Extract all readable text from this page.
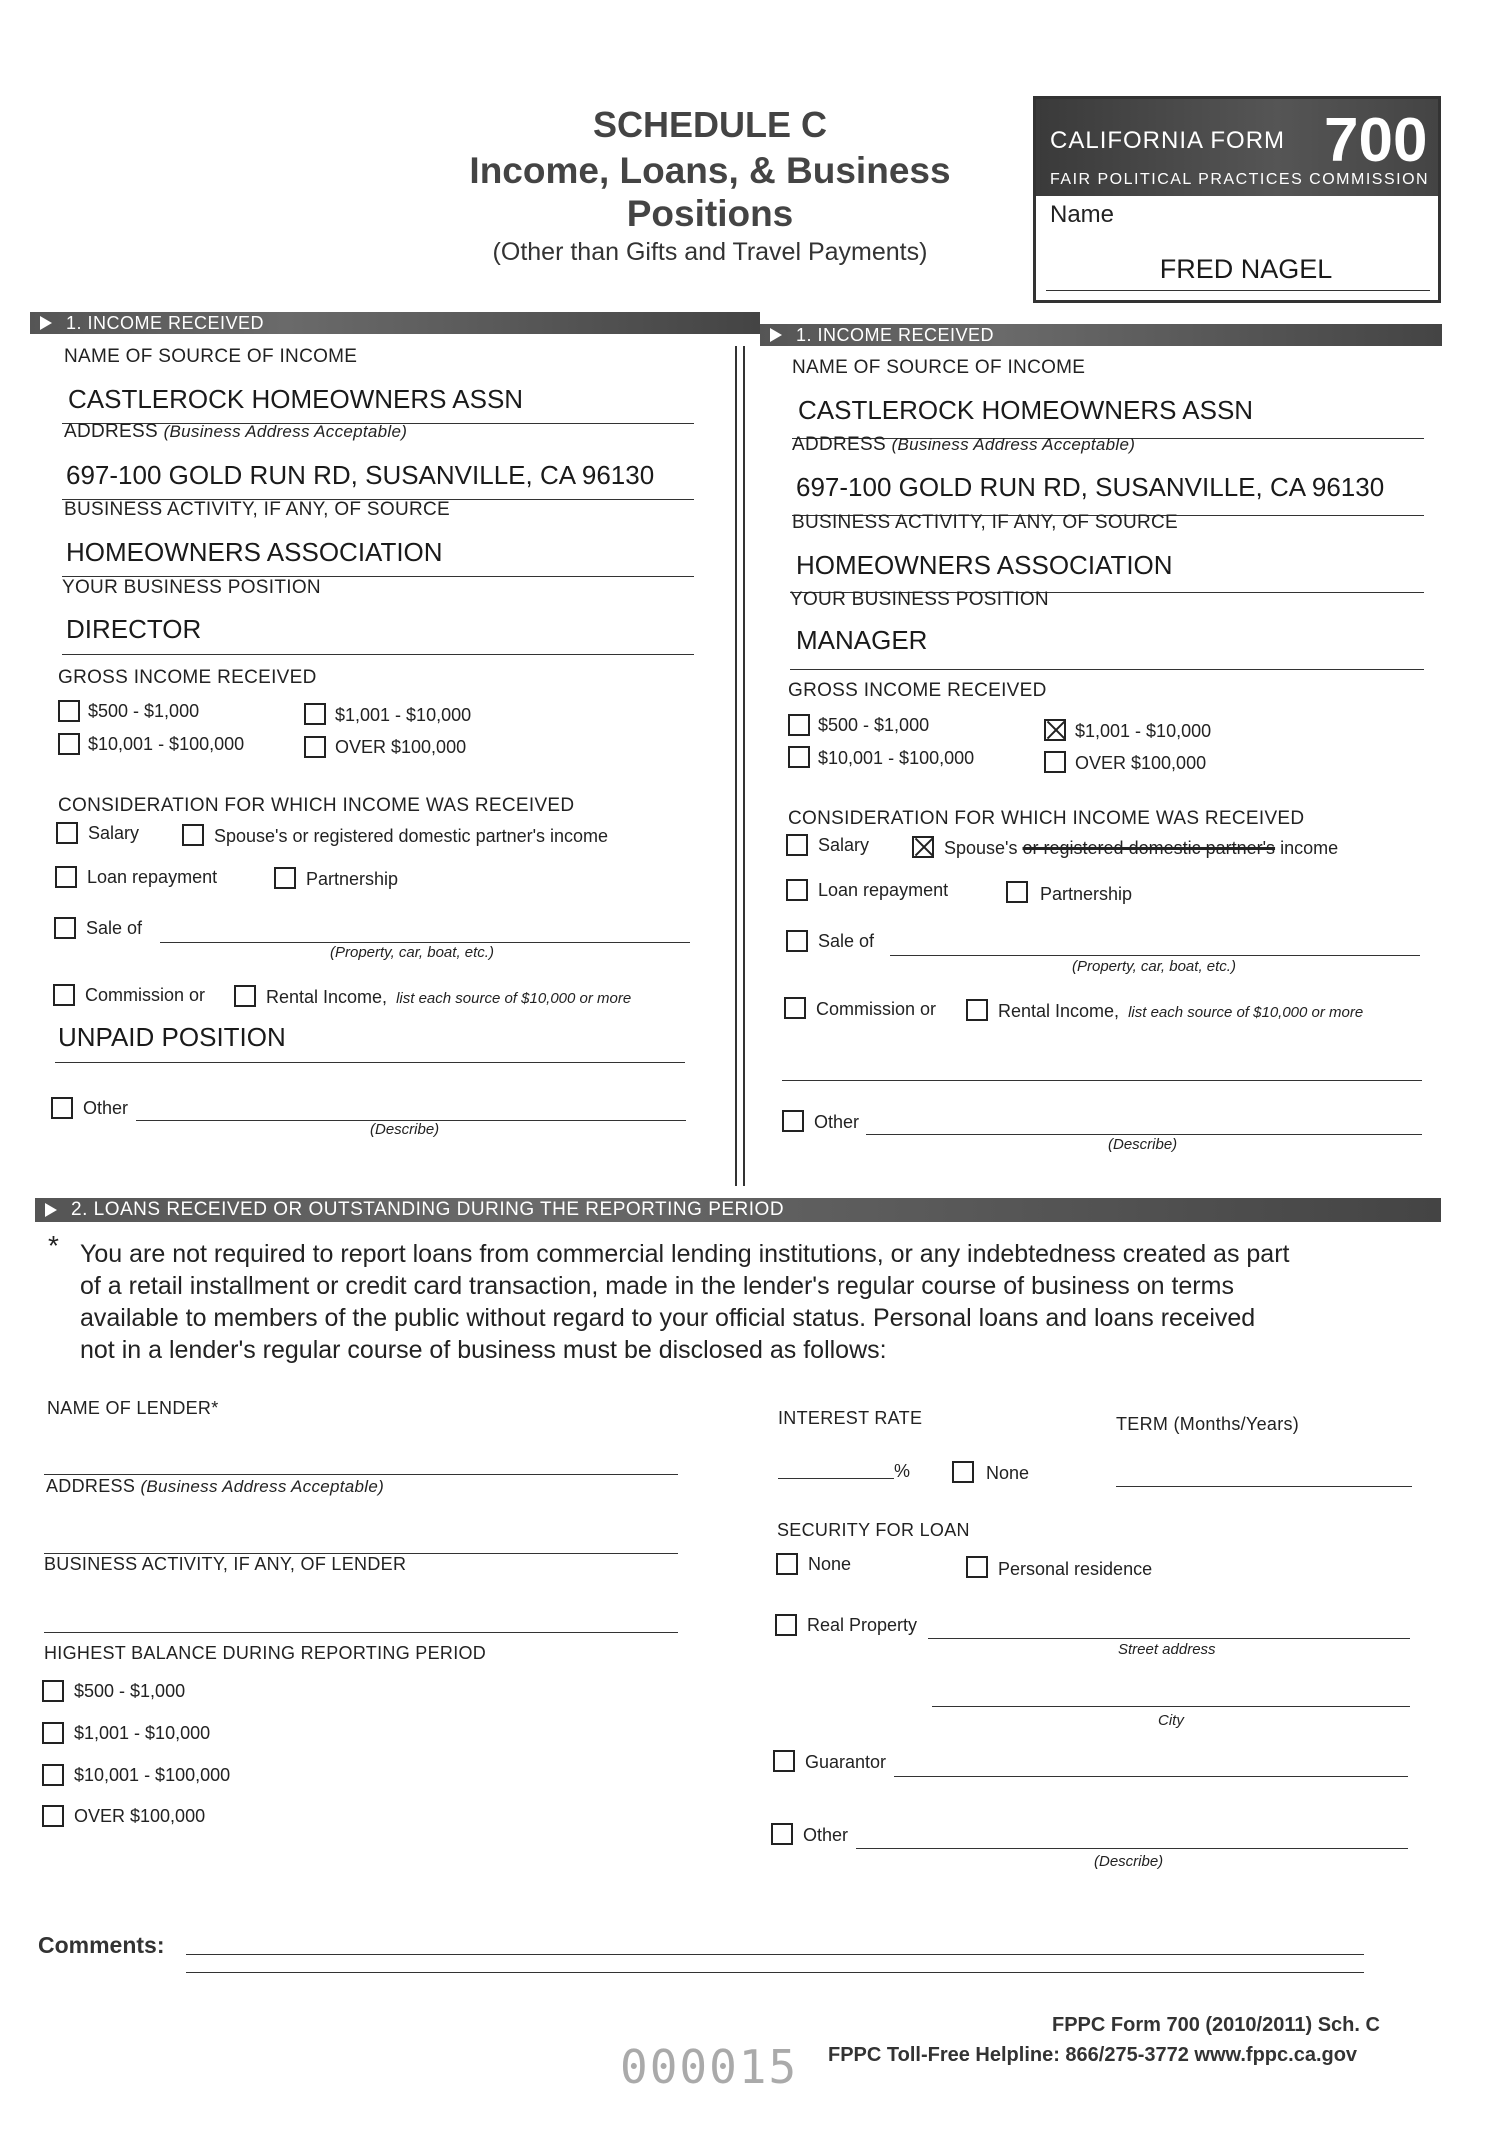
SCHEDULE C
Income, Loans, & Business
Positions
(Other than Gifts and Travel Payments)
CALIFORNIA FORM 700
FAIR POLITICAL PRACTICES COMMISSION
Name
FRED NAGEL
1. INCOME RECEIVED
1. INCOME RECEIVED
NAME OF SOURCE OF INCOME
CASTLEROCK HOMEOWNERS ASSN
ADDRESS (Business Address Acceptable)
697-100 GOLD RUN RD, SUSANVILLE, CA 96130
BUSINESS ACTIVITY, IF ANY, OF SOURCE
HOMEOWNERS ASSOCIATION
YOUR BUSINESS POSITION
DIRECTOR
GROSS INCOME RECEIVED
$500 - $1,000	$1,001 - $10,000
$10,001 - $100,000	OVER $100,000
CONSIDERATION FOR WHICH INCOME WAS RECEIVED
Salary	Spouse's or registered domestic partner's income
Loan repayment	Partnership
Sale of
(Property, car, boat, etc.)
Commission or	Rental Income, list each source of $10,000 or more
UNPAID POSITION
Other
(Describe)
NAME OF SOURCE OF INCOME
CASTLEROCK HOMEOWNERS ASSN
ADDRESS (Business Address Acceptable)
697-100 GOLD RUN RD, SUSANVILLE, CA 96130
BUSINESS ACTIVITY, IF ANY, OF SOURCE
HOMEOWNERS ASSOCIATION
YOUR BUSINESS POSITION
MANAGER
GROSS INCOME RECEIVED
$500 - $1,000	$1,001 - $10,000
$10,001 - $100,000	OVER $100,000
CONSIDERATION FOR WHICH INCOME WAS RECEIVED
Salary	Spouse's or registered domestic partner's income
Loan repayment	Partnership
Sale of
(Property, car, boat, etc.)
Commission or	Rental Income, list each source of $10,000 or more
Other
(Describe)
2. LOANS RECEIVED OR OUTSTANDING DURING THE REPORTING PERIOD
* You are not required to report loans from commercial lending institutions, or any indebtedness created as part
of a retail installment or credit card transaction, made in the lender's regular course of business on terms
available to members of the public without regard to your official status. Personal loans and loans received
not in a lender's regular course of business must be disclosed as follows:
NAME OF LENDER*
ADDRESS (Business Address Acceptable)
BUSINESS ACTIVITY, IF ANY, OF LENDER
HIGHEST BALANCE DURING REPORTING PERIOD
$500 - $1,000
$1,001 - $10,000
$10,001 - $100,000
OVER $100,000
INTEREST RATE	TERM (Months/Years)
%	None
SECURITY FOR LOAN
None	Personal residence
Real Property
Street address
City
Guarantor
Other
(Describe)
Comments:
FPPC Form 700 (2010/2011) Sch. C
FPPC Toll-Free Helpline: 866/275-3772 www.fppc.ca.gov
000015
